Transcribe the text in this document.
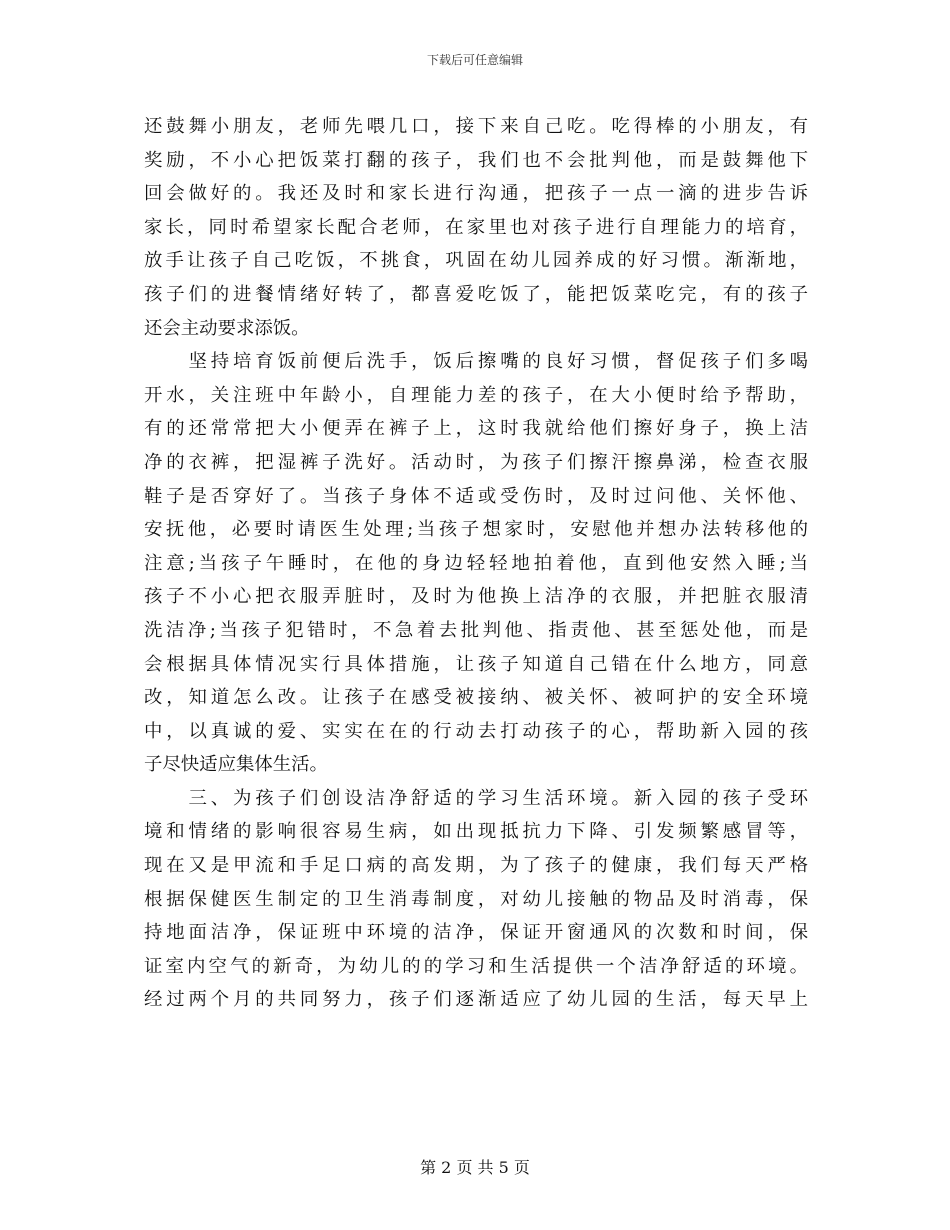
下载后可任意编辑
还鼓舞小朋友，老师先喂几口，接下来自己吃。吃得棒的小朋友，有
奖励，不小心把饭菜打翻的孩子，我们也不会批判他，而是鼓舞他下
回会做好的。我还及时和家长进行沟通，把孩子一点一滴的进步告诉
家长，同时希望家长配合老师，在家里也对孩子进行自理能力的培育，
放手让孩子自己吃饭，不挑食，巩固在幼儿园养成的好习惯。渐渐地，
孩子们的进餐情绪好转了，都喜爱吃饭了，能把饭菜吃完，有的孩子
还会主动要求添饭。
　　坚持培育饭前便后洗手，饭后擦嘴的良好习惯，督促孩子们多喝
开水，关注班中年龄小，自理能力差的孩子，在大小便时给予帮助，
有的还常常把大小便弄在裤子上，这时我就给他们擦好身子，换上洁
净的衣裤，把湿裤子洗好。活动时，为孩子们擦汗擦鼻涕，检查衣服
鞋子是否穿好了。当孩子身体不适或受伤时，及时过问他、关怀他、
安抚他，必要时请医生处理;当孩子想家时，安慰他并想办法转移他的
注意;当孩子午睡时，在他的身边轻轻地拍着他，直到他安然入睡;当
孩子不小心把衣服弄脏时，及时为他换上洁净的衣服，并把脏衣服清
洗洁净;当孩子犯错时，不急着去批判他、指责他、甚至惩处他，而是
会根据具体情况实行具体措施，让孩子知道自己错在什么地方，同意
改，知道怎么改。让孩子在感受被接纳、被关怀、被呵护的安全环境
中，以真诚的爱、实实在在的行动去打动孩子的心，帮助新入园的孩
子尽快适应集体生活。
　　三、为孩子们创设洁净舒适的学习生活环境。新入园的孩子受环
境和情绪的影响很容易生病，如出现抵抗力下降、引发频繁感冒等，
现在又是甲流和手足口病的高发期，为了孩子的健康，我们每天严格
根据保健医生制定的卫生消毒制度，对幼儿接触的物品及时消毒，保
持地面洁净，保证班中环境的洁净，保证开窗通风的次数和时间，保
证室内空气的新奇，为幼儿的的学习和生活提供一个洁净舒适的环境。
经过两个月的共同努力，孩子们逐渐适应了幼儿园的生活，每天早上
第 2 页 共 5 页
